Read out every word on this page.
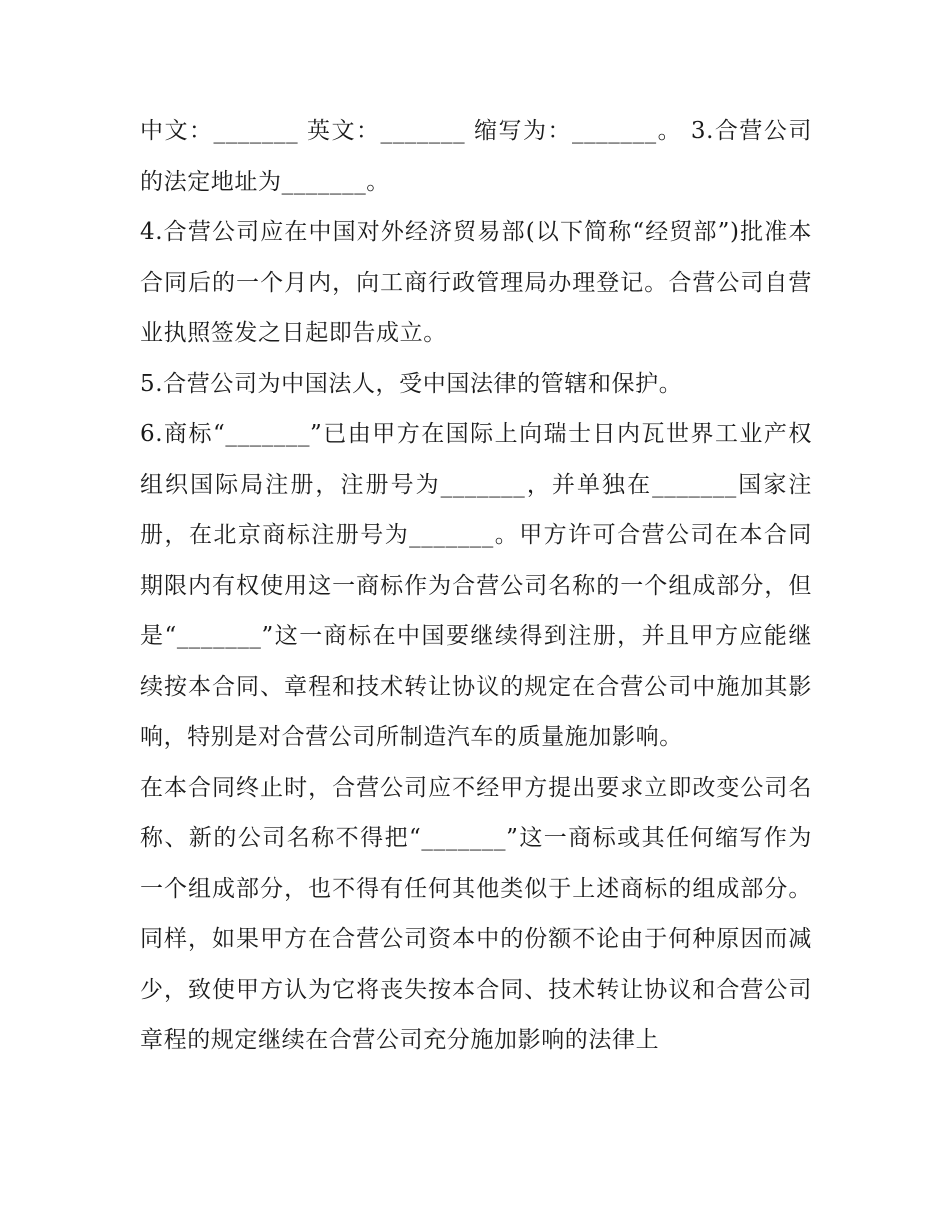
中文：_______ 英文：_______ 缩写为：_______。 3.合营公司的法定地址为_______。

4.合营公司应在中国对外经济贸易部(以下简称“经贸部”)批准本合同后的一个月内，向工商行政管理局办理登记。合营公司自营业执照签发之日起即告成立。

5.合营公司为中国法人，受中国法律的管辖和保护。

6.商标“_______”已由甲方在国际上向瑞士日内瓦世界工业产权组织国际局注册，注册号为_______，并单独在_______国家注册，在北京商标注册号为_______。甲方许可合营公司在本合同期限内有权使用这一商标作为合营公司名称的一个组成部分，但是“_______”这一商标在中国要继续得到注册，并且甲方应能继续按本合同、章程和技术转让协议的规定在合营公司中施加其影响，特别是对合营公司所制造汽车的质量施加影响。

在本合同终止时，合营公司应不经甲方提出要求立即改变公司名称、新的公司名称不得把“_______”这一商标或其任何缩写作为一个组成部分，也不得有任何其他类似于上述商标的组成部分。同样，如果甲方在合营公司资本中的份额不论由于何种原因而减少，致使甲方认为它将丧失按本合同、技术转让协议和合营公司章程的规定继续在合营公司充分施加影响的法律上
